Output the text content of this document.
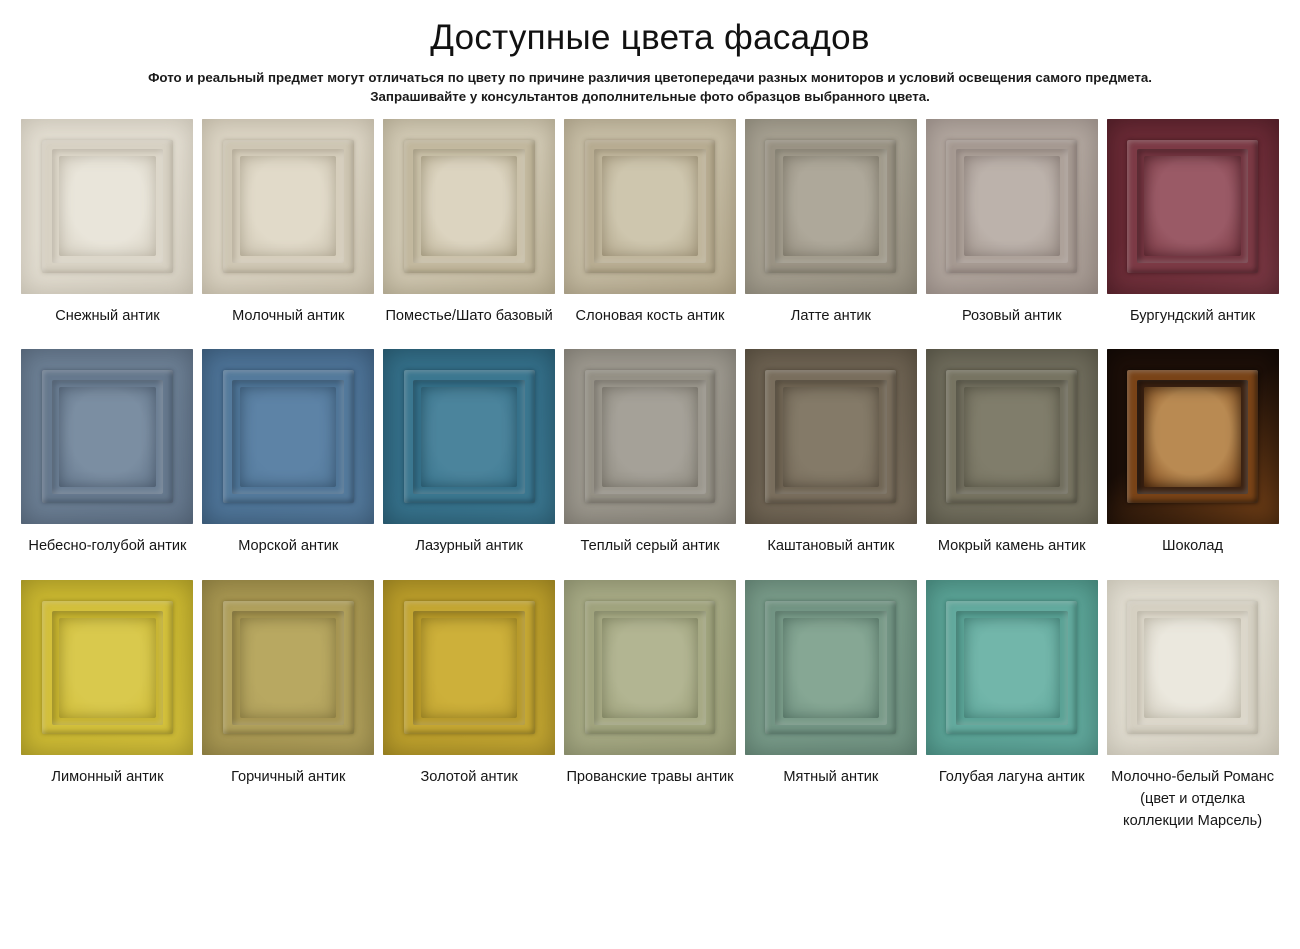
Доступные цвета фасадов

Фото и реальный предмет могут отличаться по цвету по причине различия цветопередачи разных мониторов и условий освещения самого предмета.
Запрашивайте у консультантов дополнительные фото образцов выбранного цвета.

Снежный антик	Молочный антик	Поместье/Шато базовый Слоновая кость антик	Латте антик	Розовый антик	Бургундский антик
Небесно-голубой антик	Морской антик	Лазурный антик	Теплый серый антик	Каштановый антик	Мокрый камень антик	Шоколад
Лимонный антик	Горчичный антик	Золотой антик	Прованские травы антик	Мятный антик	Голубая лагуна антик	Молочно-белый Романс (цвет и отделка коллекции Марсель)
